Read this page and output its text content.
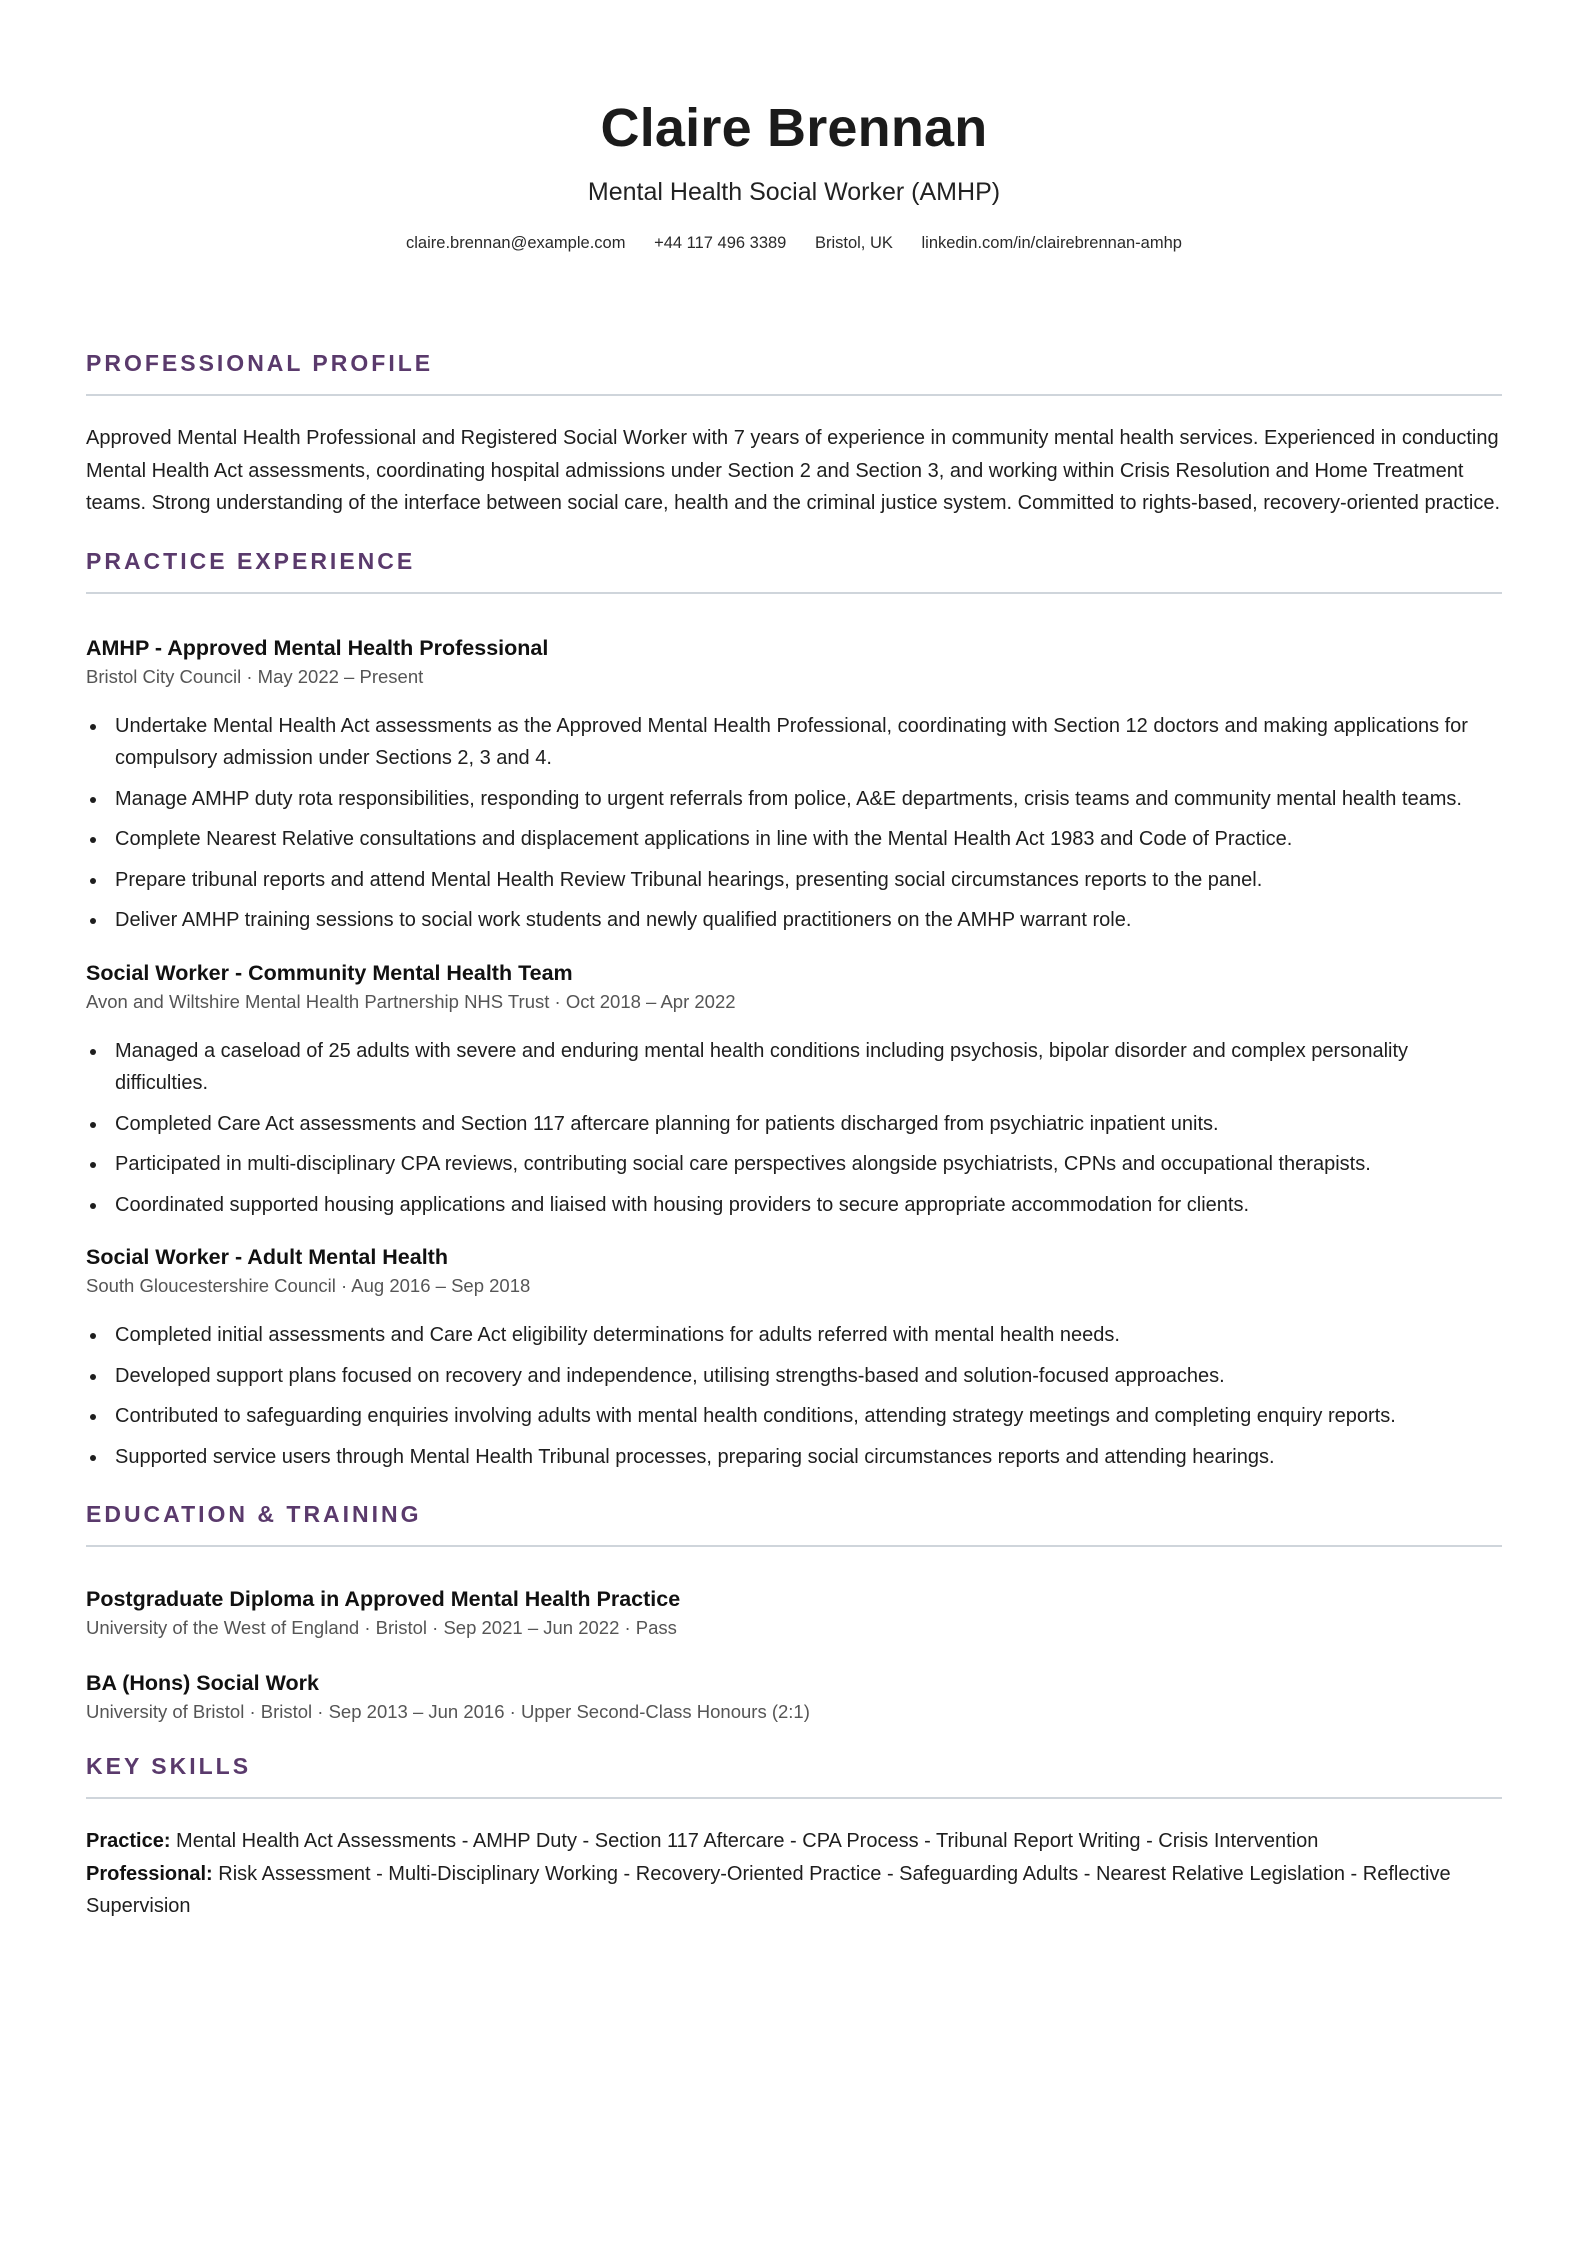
Claire Brennan
Mental Health Social Worker (AMHP)
claire.brennan@example.com +44 117 496 3389 Bristol, UK linkedin.com/in/clairebrennan-amhp
PROFESSIONAL PROFILE
Approved Mental Health Professional and Registered Social Worker with 7 years of experience in community mental health services. Experienced in conducting Mental Health Act assessments, coordinating hospital admissions under Section 2 and Section 3, and working within Crisis Resolution and Home Treatment teams. Strong understanding of the interface between social care, health and the criminal justice system. Committed to rights-based, recovery-oriented practice.
PRACTICE EXPERIENCE
AMHP - Approved Mental Health Professional
Bristol City Council · May 2022 – Present
Undertake Mental Health Act assessments as the Approved Mental Health Professional, coordinating with Section 12 doctors and making applications for compulsory admission under Sections 2, 3 and 4.
Manage AMHP duty rota responsibilities, responding to urgent referrals from police, A&E departments, crisis teams and community mental health teams.
Complete Nearest Relative consultations and displacement applications in line with the Mental Health Act 1983 and Code of Practice.
Prepare tribunal reports and attend Mental Health Review Tribunal hearings, presenting social circumstances reports to the panel.
Deliver AMHP training sessions to social work students and newly qualified practitioners on the AMHP warrant role.
Social Worker - Community Mental Health Team
Avon and Wiltshire Mental Health Partnership NHS Trust · Oct 2018 – Apr 2022
Managed a caseload of 25 adults with severe and enduring mental health conditions including psychosis, bipolar disorder and complex personality difficulties.
Completed Care Act assessments and Section 117 aftercare planning for patients discharged from psychiatric inpatient units.
Participated in multi-disciplinary CPA reviews, contributing social care perspectives alongside psychiatrists, CPNs and occupational therapists.
Coordinated supported housing applications and liaised with housing providers to secure appropriate accommodation for clients.
Social Worker - Adult Mental Health
South Gloucestershire Council · Aug 2016 – Sep 2018
Completed initial assessments and Care Act eligibility determinations for adults referred with mental health needs.
Developed support plans focused on recovery and independence, utilising strengths-based and solution-focused approaches.
Contributed to safeguarding enquiries involving adults with mental health conditions, attending strategy meetings and completing enquiry reports.
Supported service users through Mental Health Tribunal processes, preparing social circumstances reports and attending hearings.
EDUCATION & TRAINING
Postgraduate Diploma in Approved Mental Health Practice
University of the West of England · Bristol · Sep 2021 – Jun 2022 · Pass
BA (Hons) Social Work
University of Bristol · Bristol · Sep 2013 – Jun 2016 · Upper Second-Class Honours (2:1)
KEY SKILLS
Practice: Mental Health Act Assessments - AMHP Duty - Section 117 Aftercare - CPA Process - Tribunal Report Writing - Crisis Intervention
Professional: Risk Assessment - Multi-Disciplinary Working - Recovery-Oriented Practice - Safeguarding Adults - Nearest Relative Legislation - Reflective Supervision
